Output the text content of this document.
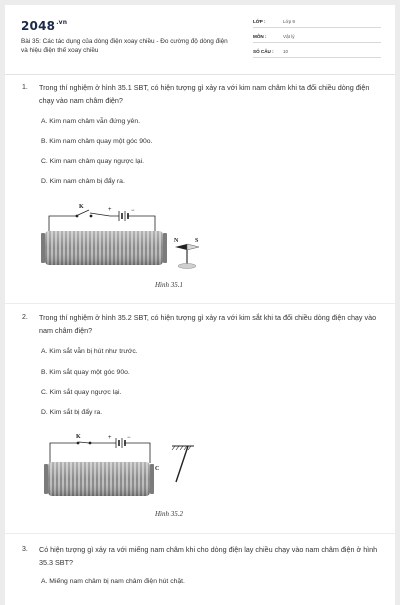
$2048^{.vn}$
Bài 35: Các tác dụng của dòng điện xoay chiều - Đo cường độ dòng điện và hiệu điện thế xoay chiều
LỚP :	Lớp 9
MÔN :	Vật lý
SỐ CÂU : 10
1. Trong thí nghiệm ở hình 35.1 SBT, có hiện tượng gì xảy ra với kim nam châm khi ta đổi chiều dòng điện chạy vào nam châm điện?
A. Kim nam châm vẫn đứng yên.
B. Kim nam châm quay một góc 90o.
C. Kim nam châm quay ngược lại.
D. Kim nam châm bị đẩy ra.
K	+	−
N	S
Hình 35.1
2. Trong thí nghiệm ở hình 35.2 SBT, có hiện tượng gì xảy ra với kim sắt khi ta đổi chiều dòng điện chạy vào nam châm điện?
A. Kim sắt vẫn bị hút như trước.
B. Kim sắt quay một góc 90o.
C. Kim sắt quay ngược lại.
D. Kim sắt bị đẩy ra.
K	+	−
C
Hình 35.2
3. Có hiện tượng gì xảy ra với miếng nam châm khi cho dòng điện lay chiều chạy vào nam châm điện ở hình 35.3 SBT?
A. Miếng nam châm bị nam châm điện hút chặt.
